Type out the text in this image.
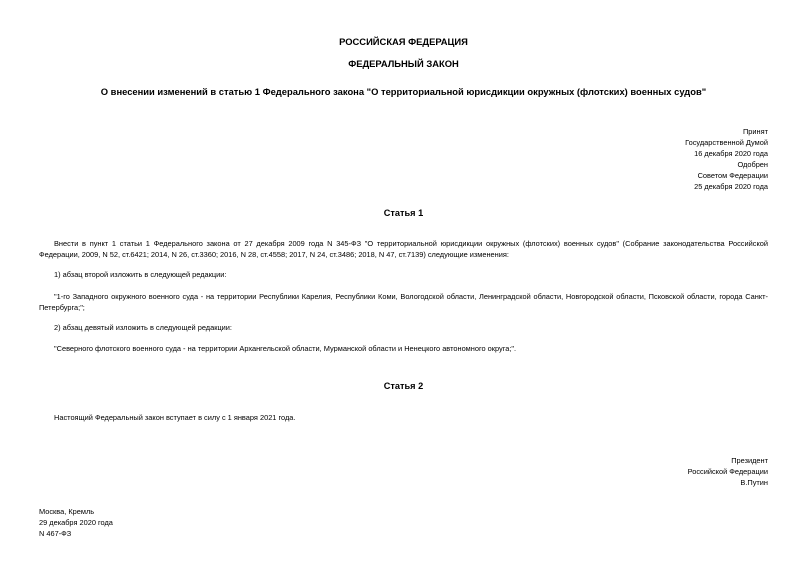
РОССИЙСКАЯ ФЕДЕРАЦИЯ
ФЕДЕРАЛЬНЫЙ ЗАКОН
О внесении изменений в статью 1 Федерального закона "О территориальной юрисдикции окружных (флотских) военных судов"
Принят
Государственной Думой
16 декабря 2020 года
Одобрен
Советом Федерации
25 декабря 2020 года
Статья 1
Внести в пункт 1 статьи 1 Федерального закона от 27 декабря 2009 года N 345-ФЗ "О территориальной юрисдикции окружных (флотских) военных судов" (Собрание законодательства Российской Федерации, 2009, N 52, ст.6421; 2014, N 26, ст.3360; 2016, N 28, ст.4558; 2017, N 24, ст.3486; 2018, N 47, ст.7139) следующие изменения:
1) абзац второй изложить в следующей редакции:
"1-го Западного окружного военного суда - на территории Республики Карелия, Республики Коми, Вологодской области, Ленинградской области, Новгородской области, Псковской области, города Санкт-Петербурга;";
2) абзац девятый изложить в следующей редакции:
"Северного флотского военного суда - на территории Архангельской области, Мурманской области и Ненецкого автономного округа;".
Статья 2
Настоящий Федеральный закон вступает в силу с 1 января 2021 года.
Президент
Российской Федерации
В.Путин
Москва, Кремль
29 декабря 2020 года
N 467-ФЗ
